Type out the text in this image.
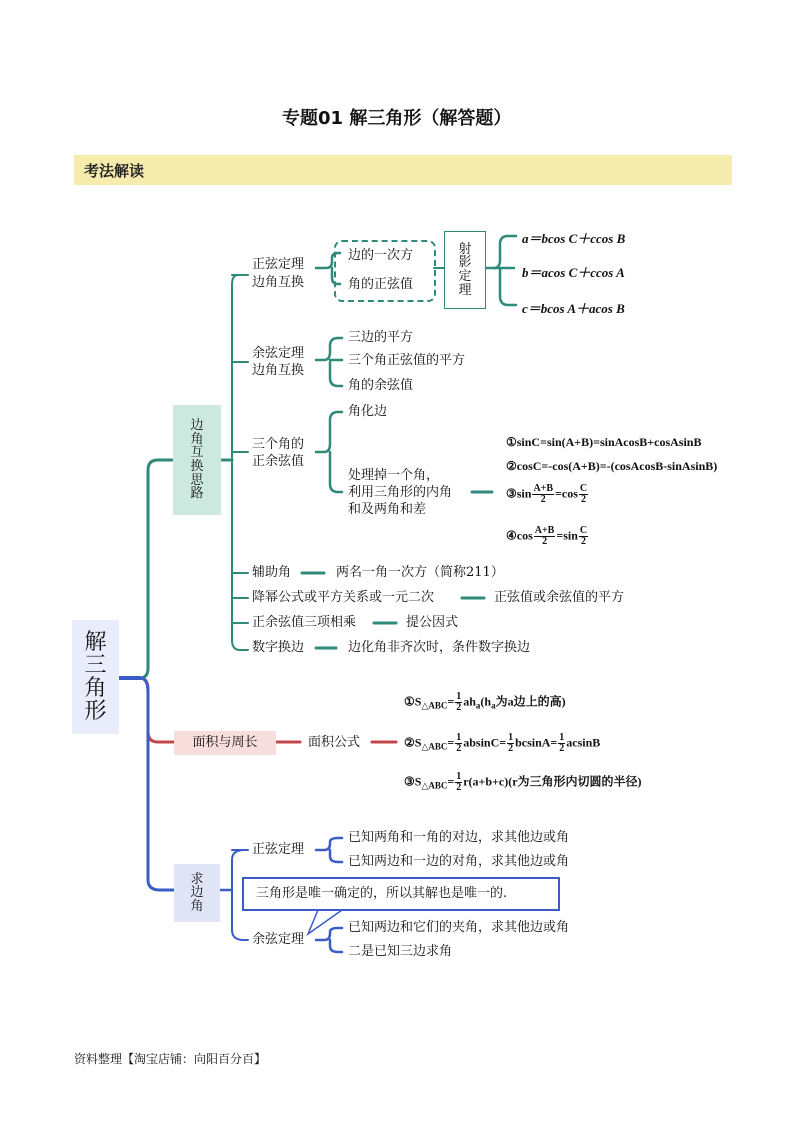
专题01 解三角形（解答题）
考法解读
解
三
角
形
边
角
互
换
思
路
正弦定理
边角互换
边的一次方
角的正弦值
射
影
定
理
a＝bcos C＋ccos B
b＝acos C＋ccos A
c＝bcos A＋acos B
余弦定理
边角互换
三边的平方
三个角正弦值的平方
角的余弦值
三个角的
正余弦值
角化边
处理掉一个角，
利用三角形的内角
和及两角和差
①sinC=sin(A+B)=sinAcosB+cosAsinB
②cosC=-cos(A+B)=-(cosAcosB-sinAsinB)
③sin $\frac{A+B}{2} =\cos \frac{C}{2}$
④cos $\frac{A+B}{2} =\sin \frac{C}{2}$
辅助角	两名一角一次方（简称211）
降幂公式或平方关系或一元二次	正弦值或余弦值的平方
正余弦值三项相乘	提公因式
数字换边	边化角非齐次时，条件数字换边
面积与周长	面积公式
$①S_{\triangle ABC}= \frac{1}{2} ah_a(h_a$为a边上的高)
$②S_{\triangle ABC}= \frac{1}{2} absinC= \frac{1}{2} bcsinA= \frac{1}{2}$ acsinB
$③S_{\triangle ABC}= \frac{1}{2} r(a+b+c)(r$为三角形内切圆的半径)
求
边
角
正弦定理
已知两角和一角的对边，求其他边或角
已知两边和一边的对角，求其他边或角
三角形是唯一确定的，所以其解也是唯一的.
余弦定理
已知两边和它们的夹角，求其他边或角
二是已知三边求角
资料整理【淘宝店铺：向阳百分百】
